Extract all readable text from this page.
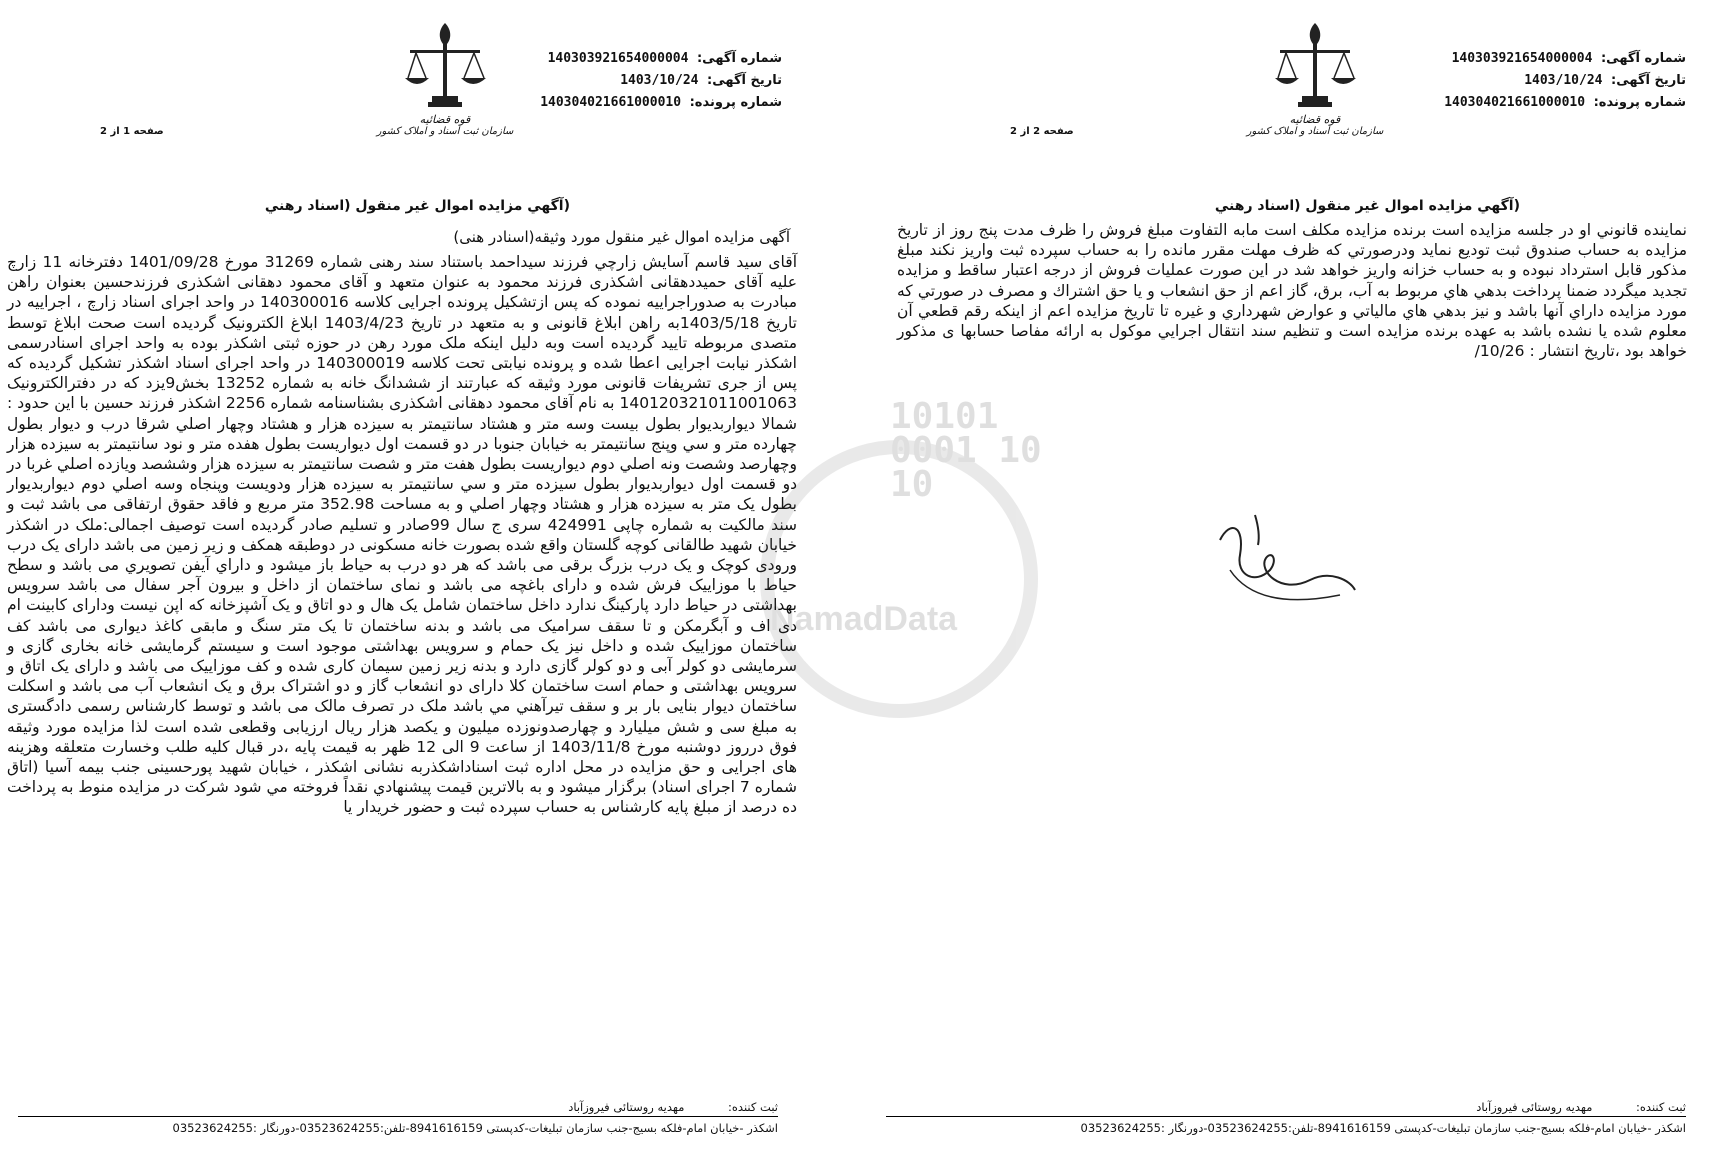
شماره آگهی: 140303921654000004
تاریخ آگهی: 1403/10/24
شماره پرونده: 140304021661000010
قوه قضائیه
سازمان ثبت اسناد و املاک کشور
صفحه 1 از 2
(آگهي مزايده اموال غير منقول (اسناد رهني
آگهی مزایده اموال غیر منقول مورد وثیقه(اسنادر هنی)
آقای سید قاسم آسایش زارچي فرزند سیداحمد باستناد سند رهنی شماره 31269 مورخ 1401/09/28 دفترخانه 11 زارچ علیه آقای حمیددهقانی اشکذری فرزند محمود به عنوان متعهد و آقای محمود دهقانی اشکذری فرزندحسین بعنوان راهن مبادرت به صدوراجراییه نموده که پس ازتشکیل پرونده اجرایی کلاسه 140300016 در واحد اجرای اسناد زارچ ، اجراییه در تاریخ 1403/5/18به راهن ابلاغ قانونی و به متعهد در تاریخ 1403/4/23 ابلاغ الکترونیک گردیده است صحت ابلاغ توسط متصدی مربوطه تایید گردیده است وبه دلیل اینکه ملک مورد رهن در حوزه ثبتی اشکذر بوده به واحد اجرای اسنادرسمی اشکذر نیابت اجرایی اعطا شده و پرونده نیابتی تحت کلاسه 140300019 در واحد اجرای اسناد اشکذر تشکیل گردیده که پس از جری تشریفات قانونی مورد وثیقه که عبارتند از ششدانگ خانه به شماره 13252 بخش9یزد که در دفترالکترونیک 14012032101100106​3 به نام آقای محمود دهقانی اشکذری بشناسنامه شماره 2256 اشکذر فرزند حسین با این حدود : شمالا دیواربدیوار بطول بیست وسه متر و هشتاد سانتیمتر به سیزده هزار و هشتاد وچهار اصلي شرقا درب و دیوار بطول چهارده متر و سي وپنج سانتیمتر به خیابان جنوبا در دو قسمت اول دیواریست بطول هفده متر و نود سانتیمتر به سیزده هزار وچهارصد وشصت ونه اصلي دوم دیواریست بطول هفت متر و شصت سانتیمتر به سیزده هزار وششصد ویازده اصلي غربا در دو قسمت اول دیواربدیوار بطول سیزده متر و سي سانتیمتر به سیزده هزار ودویست وپنجاه وسه اصلي دوم دیواربدیوار بطول یک متر به سیزده هزار و هشتاد وچهار اصلي و به مساحت 352.98 متر مربع و فاقد حقوق ارتفاقی می باشد ثبت و سند مالکیت به شماره چاپی 424991 سری ج سال 99صادر و تسلیم صادر گردیده است توصیف اجمالی:ملک در اشکذر خیابان شهید طالقانی کوچه گلستان واقع شده بصورت خانه مسکونی در دوطبقه همکف و زیر زمین می باشد دارای یک درب ورودی کوچک و یک درب بزرگ برقی می باشد که هر دو درب به حیاط باز میشود و داراي آیفن تصویري می باشد و سطح حیاط با موزاییک فرش شده و دارای باغچه می باشد و نمای ساختمان از داخل و بیرون آجر سفال می باشد سرویس بهداشتی در حیاط دارد پارکینگ ندارد داخل ساختمان شامل یک هال و دو اتاق و یک آشپزخانه که اپن نیست ودارای کابینت ام دی اف و آبگرمکن و تا سقف سرامیک می باشد و بدنه ساختمان تا یک متر سنگ و مابقی کاغذ دیواری می باشد کف ساختمان موزاییک شده و داخل نیز یک حمام و سرویس بهداشتی موجود است و سیستم گرمایشی خانه بخاری گازی و سرمایشی دو کولر آبی و دو کولر گازی دارد و بدنه زیر زمین سیمان کاری شده و کف موزاییک می باشد و دارای یک اتاق و سرویس بهداشتی و حمام است ساختمان کلا دارای دو انشعاب گاز و دو اشتراک برق و یک انشعاب آب می باشد و اسکلت ساختمان دیوار بنایی بار بر و سقف تیرآهني مي باشد ملک در تصرف مالک می باشد و توسط کارشناس رسمی دادگستری به مبلغ سی و شش میلیارد و چهارصدونوزده میلیون و یکصد هزار ریال ارزیابی وقطعی شده است لذا مزایده مورد وثیقه فوق درروز دوشنبه مورخ 1403/11/8 از ساعت 9 الی 12 ظهر به قیمت پایه ،در قبال کلیه طلب وخسارت متعلقه وهزینه های اجرایی و حق مزایده در محل اداره ثبت اسناداشکذربه نشانی اشکذر ، خیابان شهید پورحسینی جنب بیمه آسیا (اتاق شماره 7 اجرای اسناد) برگزار میشود و به بالاترین قیمت پیشنهادي نقداً فروخته مي شود شرکت در مزایده منوط به پرداخت ده درصد از مبلغ پایه کارشناس به حساب سپرده ثبت و حضور خریدار یا
ثبت کننده: مهدیه روستائی فیروزآباد
اشکذر -خیابان امام-فلکه بسیج-جنب سازمان تبلیغات-کدپستی 8941616159-تلفن:03523624255-دورنگار :03523624255
شماره آگهی: 140303921654000004
تاریخ آگهی: 1403/10/24
شماره پرونده: 140304021661000010
قوه قضائیه
سازمان ثبت اسناد و املاک کشور
صفحه 2 از 2
(آگهي مزايده اموال غير منقول (اسناد رهني
نماينده قانوني او در جلسه مزايده است برنده مزايده مكلف است مابه التفاوت مبلغ فروش را ظرف مدت پنج روز از تاريخ مزايده به حساب صندوق ثبت توديع نمايد ودرصورتي كه ظرف مهلت مقرر مانده را به حساب سپرده ثبت واريز نكند مبلغ مذكور قابل استرداد نبوده و به حساب خزانه واريز خواهد شد در اين صورت عمليات فروش از درجه اعتبار ساقط و مزايده تجديد ميگردد ضمنا پرداخت بدهي هاي مربوط به آب، برق، گاز اعم از حق انشعاب و يا حق اشتراك و مصرف در صورتي كه مورد مزايده داراي آنها باشد و نيز بدهي هاي مالياتي و عوارض شهرداري و غيره تا تاريخ مزايده اعم از اينكه رقم قطعي آن معلوم شده يا نشده باشد به عهده برنده مزايده است و تنظيم سند انتقال اجرايي موكول به ارائه مفاصا حسابها ی مذكور خواهد بود ،تاريخ انتشار : 10/26/
ثبت کننده: مهدیه روستائی فیروزآباد
اشکذر -خیابان امام-فلکه بسیج-جنب سازمان تبلیغات-کدپستی 8941616159-تلفن:03523624255-دورنگار :03523624255
10101 0001 10 10
NamadData
